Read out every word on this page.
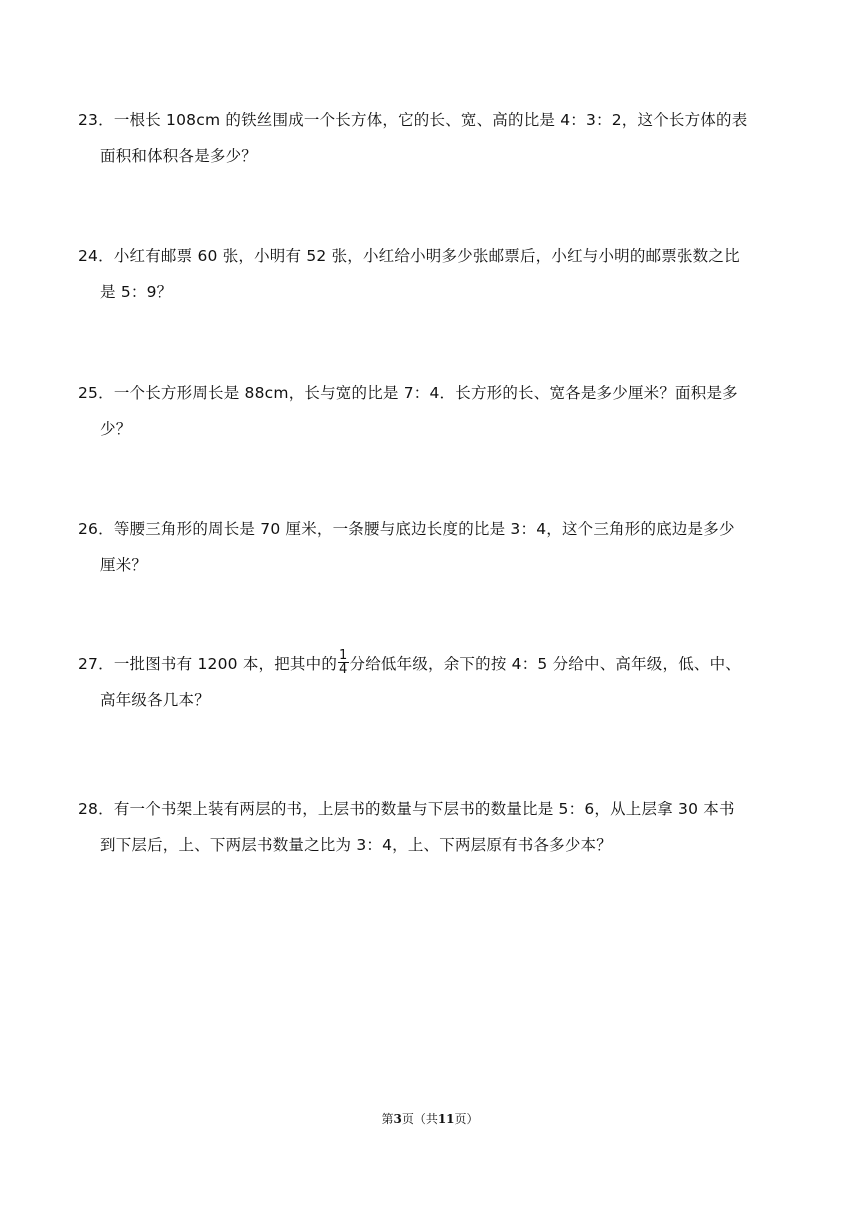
23．一根长 108cm 的铁丝围成一个长方体，它的长、宽、高的比是 4：3：2，这个长方体的表
面积和体积各是多少？
24．小红有邮票 60 张，小明有 52 张，小红给小明多少张邮票后，小红与小明的邮票张数之比
是 5：9？
25．一个长方形周长是 88cm，长与宽的比是 7：4．长方形的长、宽各是多少厘米？面积是多
少？
26．等腰三角形的周长是 70 厘米，一条腰与底边长度的比是 3：4，这个三角形的底边是多少
厘米？
27．一批图书有 1200 本，把其中的 $\frac{1}{4}$ 分给低年级，余下的按 4：5 分给中、高年级，低、中、
高年级各几本？
28．有一个书架上装有两层的书，上层书的数量与下层书的数量比是 5：6，从上层拿 30 本书
到下层后，上、下两层书数量之比为 3：4，上、下两层原有书各多少本？
第3页（共11页）
